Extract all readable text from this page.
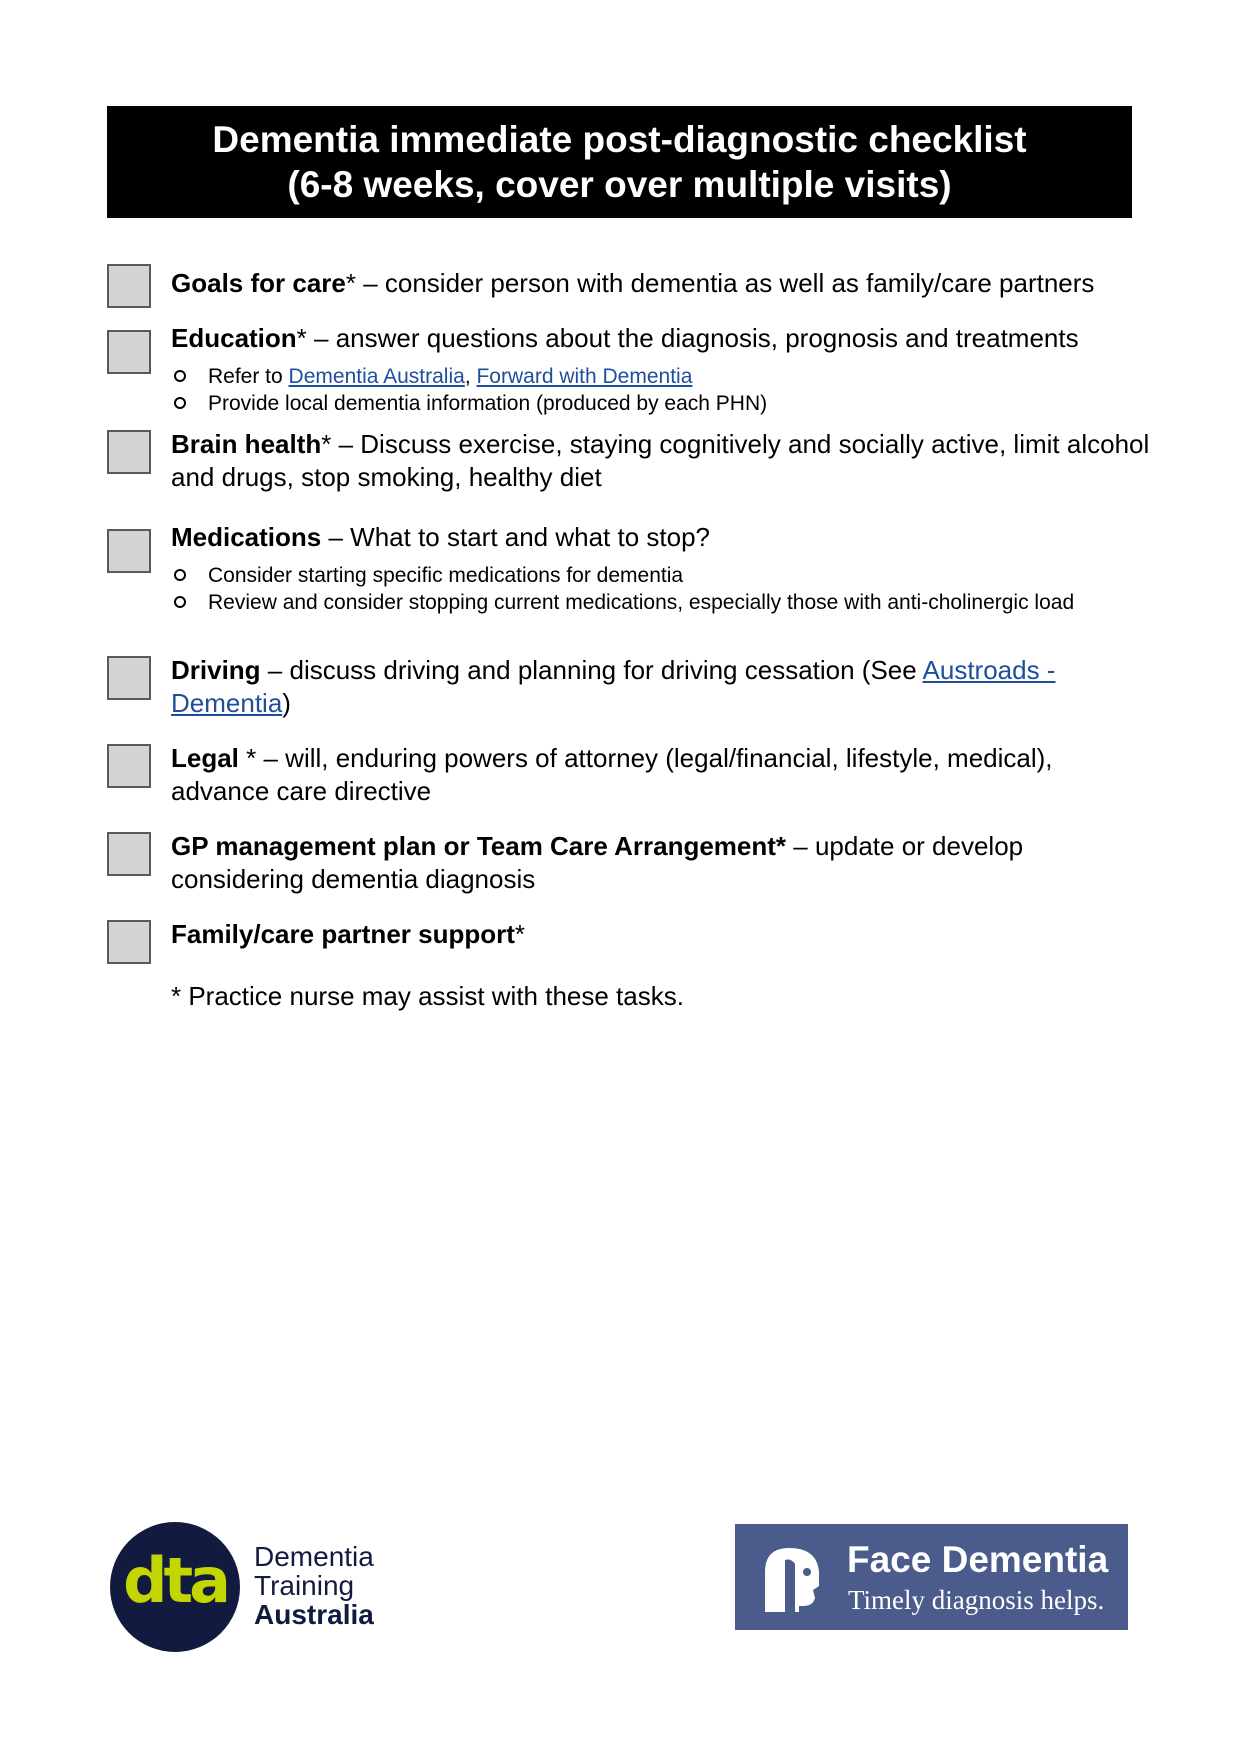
Dementia immediate post-diagnostic checklist
(6-8 weeks, cover over multiple visits)
Goals for care* – consider person with dementia as well as family/care partners
Education* – answer questions about the diagnosis, prognosis and treatments
Refer to Dementia Australia, Forward with Dementia
Provide local dementia information (produced by each PHN)
Brain health* – Discuss exercise, staying cognitively and socially active, limit alcohol and drugs, stop smoking, healthy diet
Medications – What to start and what to stop?
Consider starting specific medications for dementia
Review and consider stopping current medications, especially those with anti-cholinergic load
Driving – discuss driving and planning for driving cessation (See Austroads - Dementia)
Legal * – will, enduring powers of attorney (legal/financial, lifestyle, medical), advance care directive
GP management plan or Team Care Arrangement* – update or develop considering dementia diagnosis
Family/care partner support*
* Practice nurse may assist with these tasks.
dta Dementia
Training
Australia
Face Dementia
Timely diagnosis helps.
